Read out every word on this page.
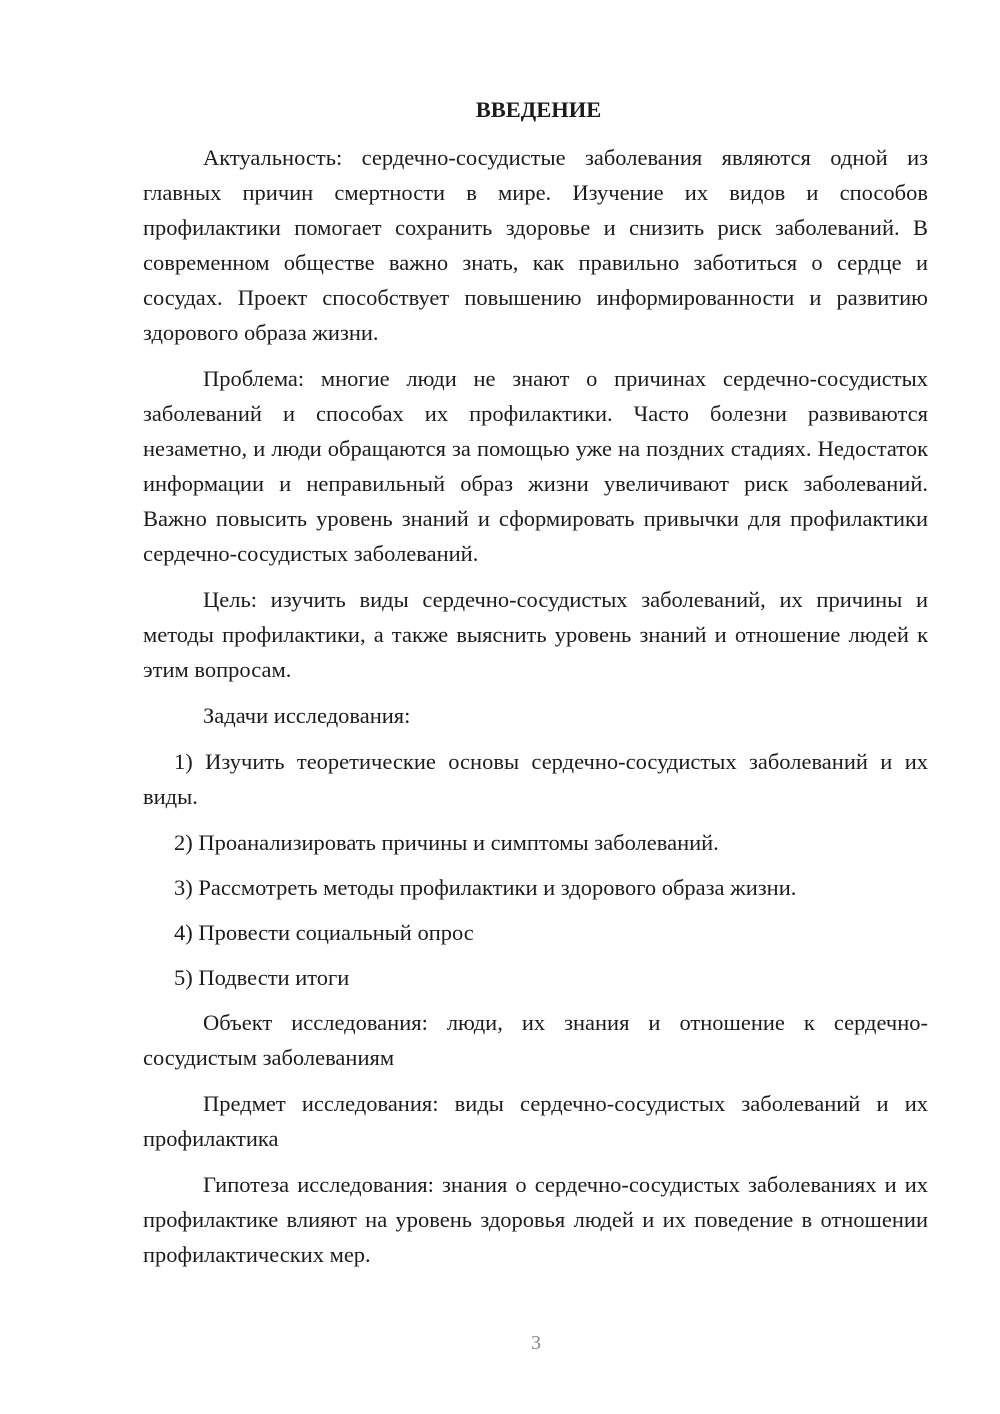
ВВЕДЕНИЕ

Актуальность: сердечно-сосудистые заболевания являются одной из главных причин смертности в мире. Изучение их видов и способов профилактики помогает сохранить здоровье и снизить риск заболеваний. В современном обществе важно знать, как правильно заботиться о сердце и сосудах. Проект способствует повышению информированности и развитию здорового образа жизни.

Проблема: многие люди не знают о причинах сердечно-сосудистых заболеваний и способах их профилактики. Часто болезни развиваются незаметно, и люди обращаются за помощью уже на поздних стадиях. Недостаток информации и неправильный образ жизни увеличивают риск заболеваний. Важно повысить уровень знаний и сформировать привычки для профилактики сердечно-сосудистых заболеваний.

Цель: изучить виды сердечно-сосудистых заболеваний, их причины и методы профилактики, а также выяснить уровень знаний и отношение людей к этим вопросам.

Задачи исследования:

1) Изучить теоретические основы сердечно-сосудистых заболеваний и их виды.

2) Проанализировать причины и симптомы заболеваний.

3) Рассмотреть методы профилактики и здорового образа жизни.

4) Провести социальный опрос

5) Подвести итоги

Объект исследования: люди, их знания и отношение к сердечно-сосудистым заболеваниям

Предмет исследования: виды сердечно-сосудистых заболеваний и их профилактика

Гипотеза исследования: знания о сердечно-сосудистых заболеваниях и их профилактике влияют на уровень здоровья людей и их поведение в отношении профилактических мер.

3
